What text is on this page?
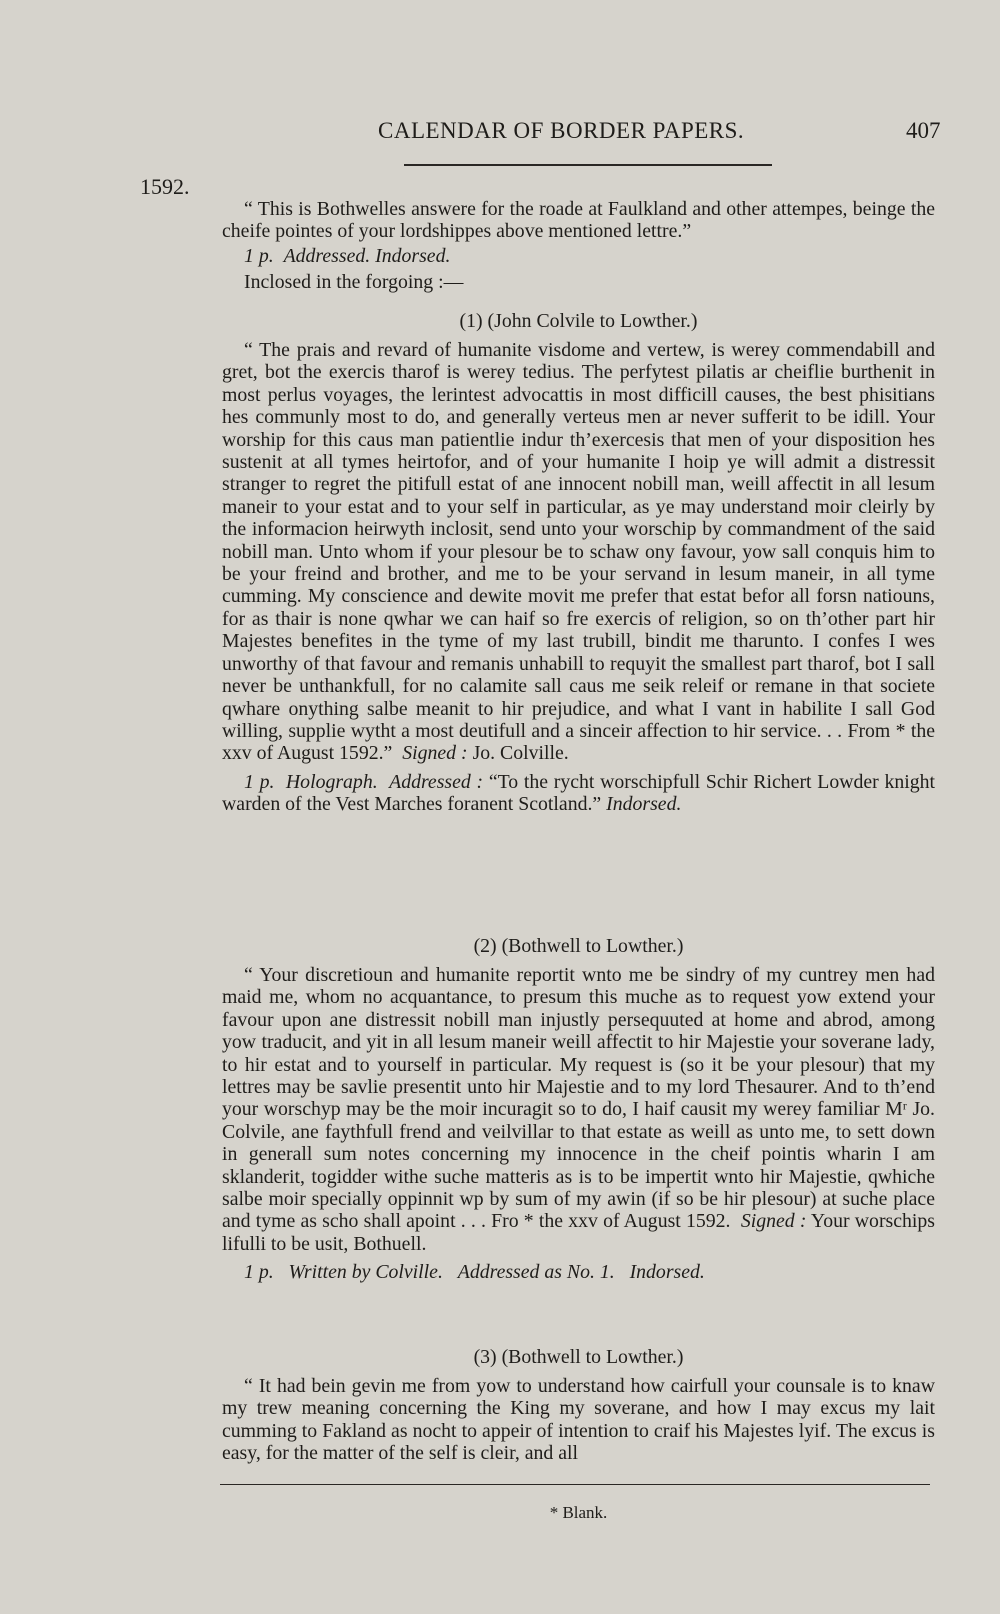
CALENDAR OF BORDER PAPERS.	407
1592.

“ This is Bothwelles answere for the roade at Faulkland and other attempes, beinge the cheife pointes of your lordshippes above mentioned lettre.”

1 p. Addressed. Indorsed.

Inclosed in the forgoing :—

(1) (John Colvile to Lowther.)

“ The prais and revard of humanite visdome and vertew, is werey commendabill and gret, bot the exercis tharof is werey tedius. The perfytest pilatis ar cheiflie burthenit in most perlus voyages, the lerintest advocattis in most difficill causes, the best phisitians hes communly most to do, and generally verteus men ar never sufferit to be idill. Your worship for this caus man patientlie indur th’exercesis that men of your disposition hes sustenit at all tymes heirtofor, and of your humanite I hoip ye will admit a distressit stranger to regret the pitifull estat of ane innocent nobill man, weill affectit in all lesum maneir to your estat and to your self in particular, as ye may understand moir cleirly by the informacion heirwyth inclosit, send unto your worschip by commandment of the said nobill man. Unto whom if your plesour be to schaw ony favour, yow sall conquis him to be your freind and brother, and me to be your servand in lesum maneir, in all tyme cumming. My conscience and dewite movit me prefer that estat befor all forsn natiouns, for as thair is none qwhar we can haif so fre exercis of religion, so on th’other part hir Majestes benefites in the tyme of my last trubill, bindit me tharunto. I confes I wes unworthy of that favour and remanis unhabill to requyit the smallest part tharof, bot I sall never be unthankfull, for no calamite sall caus me seik releif or remane in that societe qwhare onything salbe meanit to hir prejudice, and what I vant in habilite I sall God willing, supplie wytht a most deutifull and a sinceir affection to hir service. . . From * the xxv of August 1592.” Signed : Jo. Colville.

1 p. Holograph. Addressed : “To the rycht worschipfull Schir Richert Lowder knight warden of the Vest Marches foranent Scotland.” Indorsed.

(2) (Bothwell to Lowther.)

“ Your discretioun and humanite reportit wnto me be sindry of my cuntrey men had maid me, whom no acquantance, to presum this muche as to request yow extend your favour upon ane distressit nobill man injustly persequuted at home and abrod, among yow traducit, and yit in all lesum maneir weill affectit to hir Majestie your soverane lady, to hir estat and to yourself in particular. My request is (so it be your plesour) that my lettres may be savlie presentit unto hir Majestie and to my lord Thesaurer. And to th’end your worschyp may be the moir incuragit so to do, I haif causit my werey familiar Mʳ Jo. Colvile, ane faythfull frend and veilvillar to that estate as weill as unto me, to sett down in generall sum notes concerning my innocence in the cheif pointis wharin I am sklanderit, togidder withe suche matteris as is to be impertit wnto hir Majestie, qwhiche salbe moir specially oppinnit wp by sum of my awin (if so be hir plesour) at suche place and tyme as scho shall apoint . . . Fro * the xxv of August 1592. Signed : Your worschips lifulli to be usit, Bothuell.

1 p. Written by Colville. Addressed as No. 1. Indorsed.

(3) (Bothwell to Lowther.)

“ It had bein gevin me from yow to understand how cairfull your counsale is to knaw my trew meaning concerning the King my soverane, and how I may excus my lait cumming to Fakland as nocht to appeir of intention to craif his Majestes lyif. The excus is easy, for the matter of the self is cleir, and all

* Blank.
